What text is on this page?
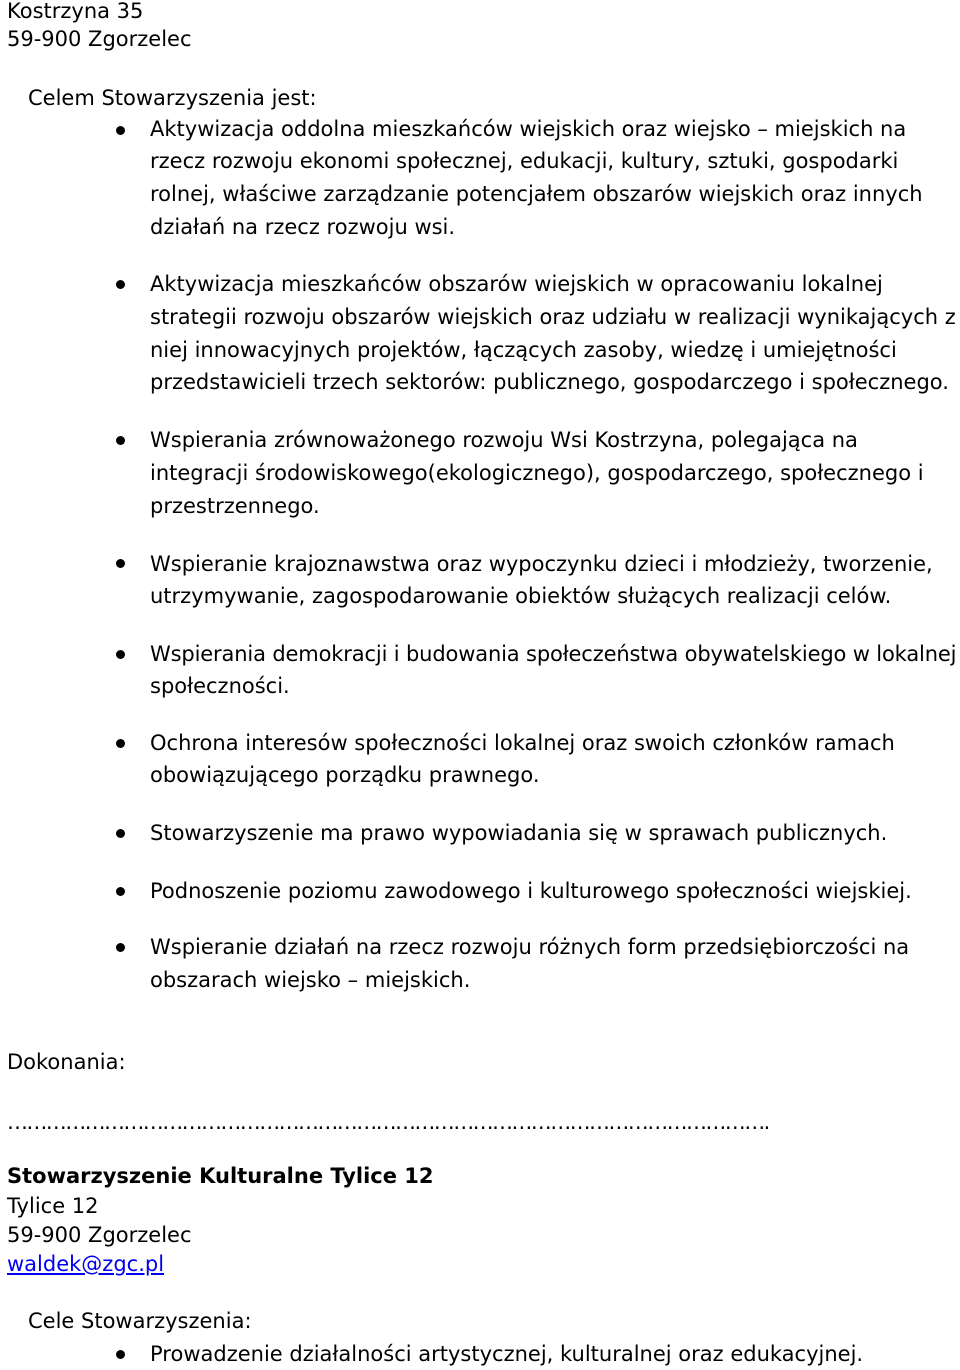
Kostrzyna 35
59-900 Zgorzelec
Celem Stowarzyszenia jest:
Aktywizacja oddolna mieszkańców wiejskich oraz wiejsko – miejskich na
rzecz rozwoju ekonomi społecznej, edukacji, kultury, sztuki, gospodarki
rolnej, właściwe zarządzanie potencjałem obszarów wiejskich oraz innych
działań na rzecz rozwoju wsi.
Aktywizacja mieszkańców obszarów wiejskich w opracowaniu lokalnej
strategii rozwoju obszarów wiejskich oraz udziału w realizacji wynikających z
niej innowacyjnych projektów, łączących zasoby, wiedzę i umiejętności
przedstawicieli trzech sektorów: publicznego, gospodarczego i społecznego.
Wspierania zrównoważonego rozwoju Wsi Kostrzyna, polegająca na
integracji środowiskowego(ekologicznego), gospodarczego, społecznego i
przestrzennego.
Wspieranie krajoznawstwa oraz wypoczynku dzieci i młodzieży, tworzenie,
utrzymywanie, zagospodarowanie obiektów służących realizacji celów.
Wspierania demokracji i budowania społeczeństwa obywatelskiego w lokalnej
społeczności.
Ochrona interesów społeczności lokalnej oraz swoich członków ramach
obowiązującego porządku prawnego.
Stowarzyszenie ma prawo wypowiadania się w sprawach publicznych.
Podnoszenie poziomu zawodowego i kulturowego społeczności wiejskiej.
Wspieranie działań na rzecz rozwoju różnych form przedsiębiorczości na
obszarach wiejsko – miejskich.
Dokonania:
……………………………………………………………………………………………………….
Stowarzyszenie Kulturalne Tylice 12
Tylice 12
59-900 Zgorzelec
waldek@zgc.pl
Cele Stowarzyszenia:
Prowadzenie działalności artystycznej, kulturalnej oraz edukacyjnej.
